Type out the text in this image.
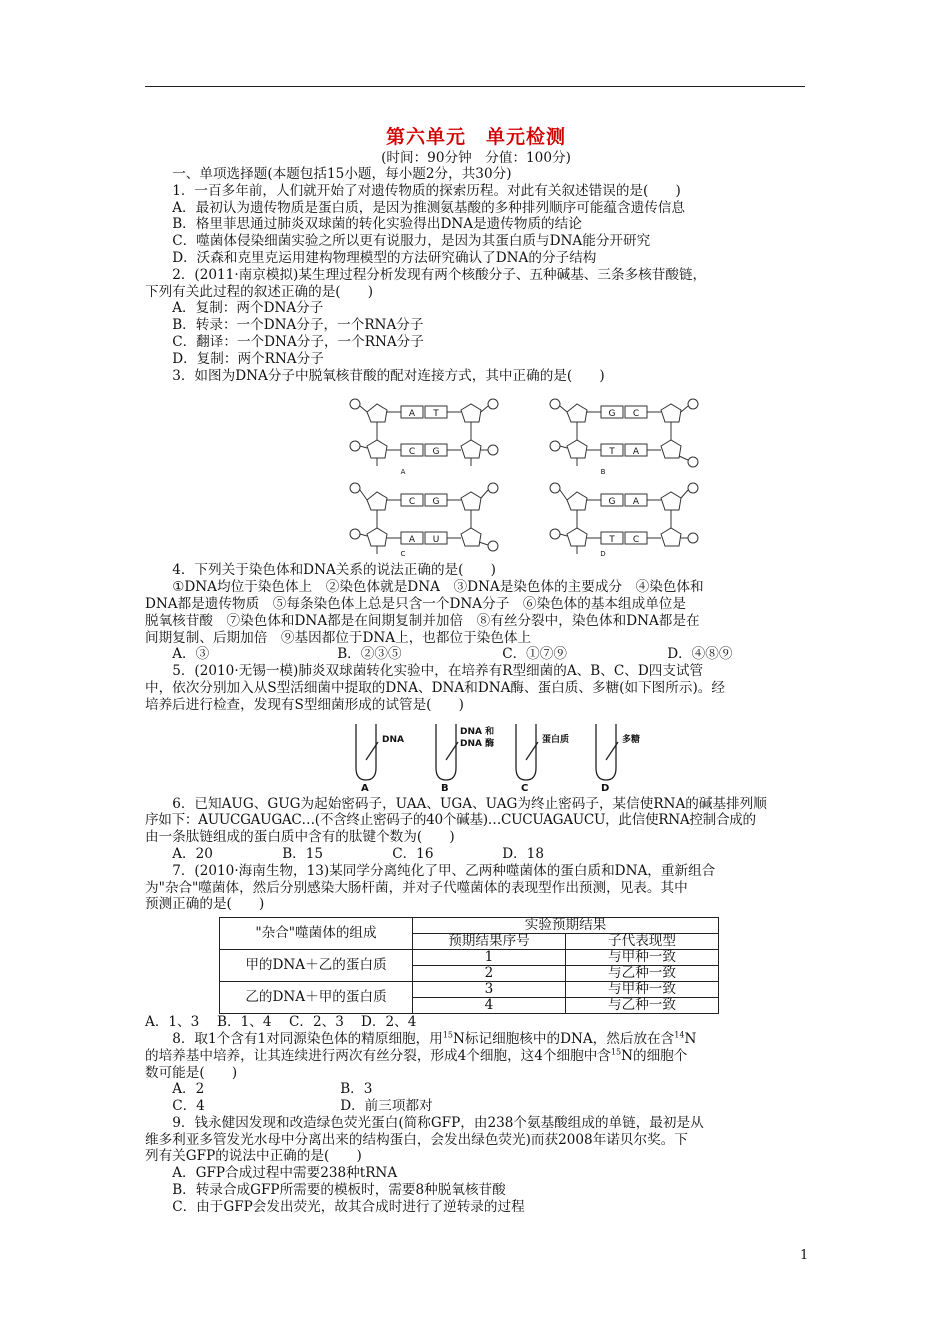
第六单元　单元检测
(时间：90分钟　分值：100分)
一、单项选择题(本题包括15小题，每小题2分，共30分)
1．一百多年前，人们就开始了对遗传物质的探索历程。对此有关叙述错误的是(　　)
A．最初认为遗传物质是蛋白质，是因为推测氨基酸的多种排列顺序可能蕴含遗传信息
B．格里菲思通过肺炎双球菌的转化实验得出DNA是遗传物质的结论
C．噬菌体侵染细菌实验之所以更有说服力，是因为其蛋白质与DNA能分开研究
D．沃森和克里克运用建构物理模型的方法研究确认了DNA的分子结构
2．(2011·南京模拟)某生理过程分析发现有两个核酸分子、五种碱基、三条多核苷酸链，
下列有关此过程的叙述正确的是(　　)
A．复制：两个DNA分子
B．转录：一个DNA分子，一个RNA分子
C．翻译：一个DNA分子，一个RNA分子
D．复制：两个RNA分子
3．如图为DNA分子中脱氧核苷酸的配对连接方式，其中正确的是(　　)
A T
C G
A
G C
T A
B
C G
A U
C
G A
T C
D
4．下列关于染色体和DNA关系的说法正确的是(　　)
①DNA均位于染色体上　②染色体就是DNA　③DNA是染色体的主要成分　④染色体和
DNA都是遗传物质　⑤每条染色体上总是只含一个DNA分子　⑥染色体的基本组成单位是
脱氧核苷酸　⑦染色体和DNA都是在间期复制并加倍　⑧有丝分裂中，染色体和DNA都是在
间期复制、后期加倍　⑨基因都位于DNA上，也都位于染色体上
A．③	B．②③⑤	C．①⑦⑨	D．④⑧⑨
5．(2010·无锡一模)肺炎双球菌转化实验中，在培养有R型细菌的A、B、C、D四支试管
中，依次分别加入从S型活细菌中提取的DNA、DNA和DNA酶、蛋白质、多糖(如下图所示)。经
培养后进行检查，发现有S型细菌形成的试管是(　　)
DNA
DNA 和
DNA 酶	蛋白质	多糖
A	B	C	D
6．已知AUG、GUG为起始密码子，UAA、UGA、UAG为终止密码子，某信使RNA的碱基排列顺
序如下：AUUCGAUGAC…(不含终止密码子的40个碱基)…CUCUAGAUCU，此信使RNA控制合成的
由一条肽链组成的蛋白质中含有的肽键个数为(　　)
A．20	B．15	C．16	D．18
7．(2010·海南生物，13)某同学分离纯化了甲、乙两种噬菌体的蛋白质和DNA，重新组合
为"杂合"噬菌体，然后分别感染大肠杆菌，并对子代噬菌体的表现型作出预测，见表。其中
预测正确的是(　　)
"杂合"噬菌体的组成	实验预期结果	
	预期结果序号	子代表现型
甲的DNA＋乙的蛋白质	1	与甲种一致
	2	与乙种一致
乙的DNA＋甲的蛋白质	3	与甲种一致
	4	与乙种一致
A．1、3	B．1、4	C．2、3	D．2、4
8．取1个含有1对同源染色体的精原细胞，用$^{15}$N标记细胞核中的DNA，然后放在含$^{14}$N
的培养基中培养，让其连续进行两次有丝分裂，形成4个细胞，这4个细胞中含$^{15}$N的细胞个
数可能是(　　)
A．2	B．3
C．4	D．前三项都对
9．钱永健因发现和改造绿色荧光蛋白(简称GFP，由238个氨基酸组成的单链，最初是从
维多利亚多管发光水母中分离出来的结构蛋白，会发出绿色荧光)而获2008年诺贝尔奖。下
列有关GFP的说法中正确的是(　　)
A．GFP合成过程中需要238种tRNA
B．转录合成GFP所需要的模板时，需要8种脱氧核苷酸
C．由于GFP会发出荧光，故其合成时进行了逆转录的过程
1
